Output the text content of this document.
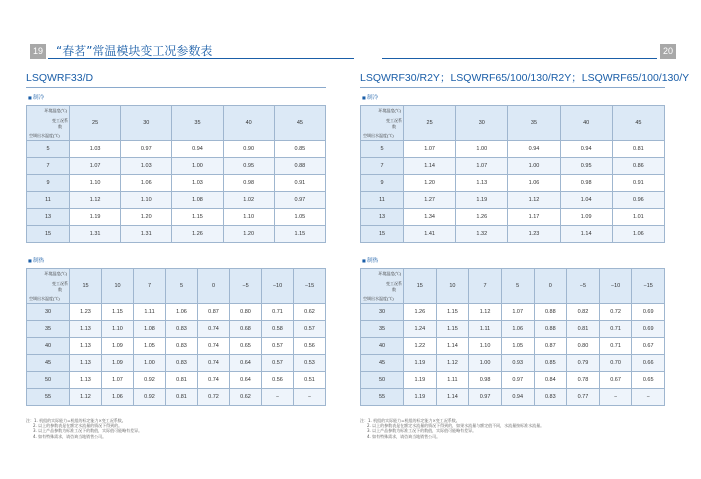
19 “春茗”常温模块变工况参数表	20
LSQWRF33/D
■ 制冷
环境温度(℃)
变工况系数
空调出水温度(℃)	25	30	35	40	45
5	1.03	0.97	0.94	0.90	0.85
7	1.07	1.03	1.00	0.95	0.88
9	1.10	1.06	1.03	0.98	0.91
11	1.12	1.10	1.08	1.02	0.97
13	1.19	1.20	1.15	1.10	1.05
15	1.31	1.31	1.26	1.20	1.15
■ 制热
环境温度(℃)
变工况系数
空调出水温度(℃)	15	10	7	5	0	−5	−10	−15
30	1.23	1.15	1.11	1.06	0.87	0.80	0.71	0.62
35	1.13	1.10	1.08	0.83	0.74	0.68	0.58	0.57
40	1.13	1.09	1.05	0.83	0.74	0.65	0.57	0.56
45	1.13	1.09	1.00	0.83	0.74	0.64	0.57	0.53
50	1.13	1.07	0.92	0.81	0.74	0.64	0.56	0.51
55	1.12	1.06	0.92	0.81	0.72	0.62	−	−
注：1. 机组的实际能力=机组的标定能力×变工况系数。
2. 以上的参数表是在额定水流量的情况下得到的。
3. 以上产品参数为标准工况下的数值，实际值可能略有差异。
4. 如有特殊需求，请咨询当地销售公司。
LSQWRF30/R2Y；LSQWRF65/100/130/R2Y；LSQWRF65/100/130/Y
■ 制冷
环境温度(℃)
变工况系数
空调出水温度(℃)	25	30	35	40	45
5	1.07	1.00	0.94	0.94	0.81
7	1.14	1.07	1.00	0.95	0.86
9	1.20	1.13	1.06	0.98	0.91
11	1.27	1.19	1.12	1.04	0.96
13	1.34	1.26	1.17	1.09	1.01
15	1.41	1.32	1.23	1.14	1.06
■ 制热
环境温度(℃)
变工况系数
空调出水温度(℃)	15	10	7	5	0	−5	−10	−15
30	1.26	1.15	1.12	1.07	0.88	0.82	0.72	0.69
35	1.24	1.15	1.11	1.06	0.88	0.81	0.71	0.69
40	1.22	1.14	1.10	1.05	0.87	0.80	0.71	0.67
45	1.19	1.12	1.00	0.93	0.85	0.79	0.70	0.66
50	1.19	1.11	0.98	0.97	0.84	0.78	0.67	0.65
55	1.19	1.14	0.97	0.94	0.83	0.77	−	−
注：1. 机组的实际能力=机组的标定能力×变工况系数。
2. 以上的参数表是在额定水流量的情况下得到的，如果水流量与额定值不同，水流量按标准水流量。
3. 以上产品参数为标准工况下的数值，实际值可能略有差异。
4. 如有特殊需求，请咨询当地销售公司。
